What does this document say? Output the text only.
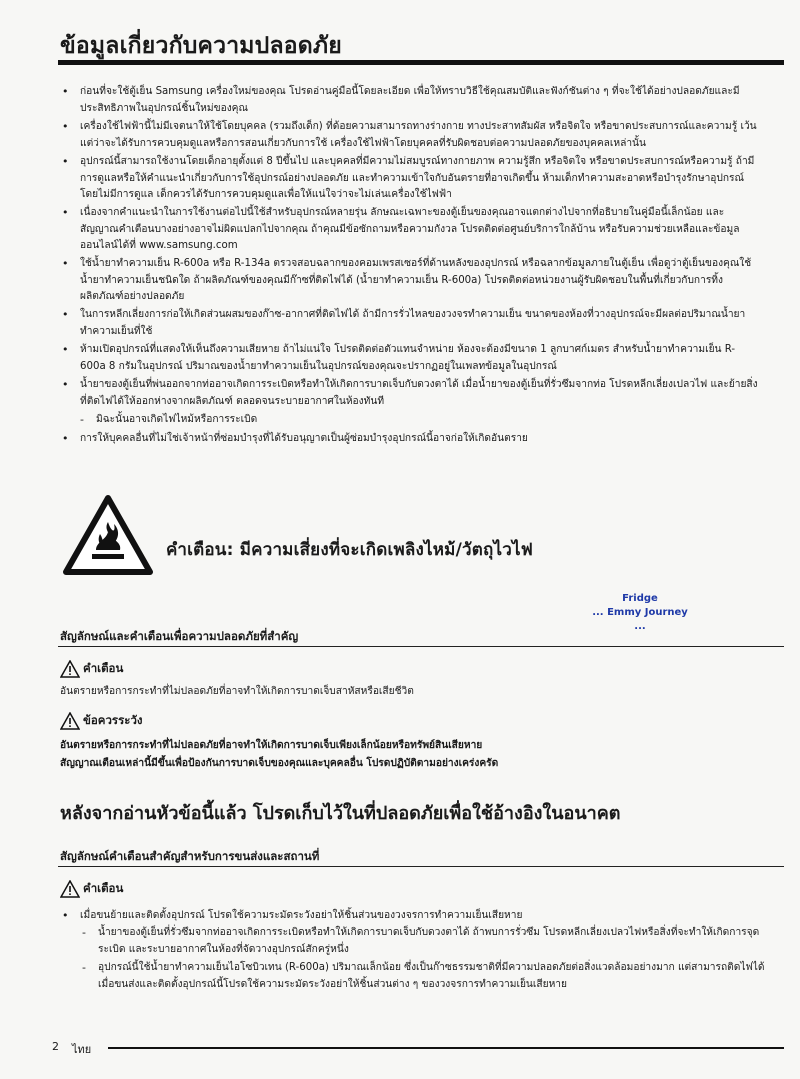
ข้อมูลเกี่ยวกับความปลอดภัย
• ก่อนที่จะใช้ตู้เย็น Samsung เครื่องใหม่ของคุณ โปรดอ่านคู่มือนี้โดยละเอียด เพื่อให้ทราบวิธีใช้คุณสมบัติและฟังก์ชันต่าง ๆ ที่จะใช้ได้อย่างปลอดภัยและมีประสิทธิภาพในอุปกรณ์ชิ้นใหม่ของคุณ
• เครื่องใช้ไฟฟ้านี้ไม่มีเจตนาให้ใช้โดยบุคคล (รวมถึงเด็ก) ที่ด้อยความสามารถทางร่างกาย ทางประสาทสัมผัส หรือจิตใจ หรือขาดประสบการณ์และความรู้ เว้นแต่ว่าจะได้รับการควบคุมดูแลหรือการสอนเกี่ยวกับการใช้ เครื่องใช้ไฟฟ้าโดยบุคคลที่รับผิดชอบต่อความปลอดภัยของบุคคลเหล่านั้น
• อุปกรณ์นี้สามารถใช้งานโดยเด็กอายุตั้งแต่ 8 ปีขึ้นไป และบุคคลที่มีความไม่สมบูรณ์ทางกายภาพ ความรู้สึก หรือจิตใจ หรือขาดประสบการณ์หรือความรู้ ถ้ามีการดูแลหรือให้คำแนะนำเกี่ยวกับการใช้อุปกรณ์อย่างปลอดภัย และทำความเข้าใจกับอันตรายที่อาจเกิดขึ้น ห้ามเด็กทำความสะอาดหรือบำรุงรักษาอุปกรณ์โดยไม่มีการดูแล เด็กควรได้รับการควบคุมดูแลเพื่อให้แน่ใจว่าจะไม่เล่นเครื่องใช้ไฟฟ้า
• เนื่องจากคำแนะนำในการใช้งานต่อไปนี้ใช้สำหรับอุปกรณ์หลายรุ่น ลักษณะเฉพาะของตู้เย็นของคุณอาจแตกต่างไปจากที่อธิบายในคู่มือนี้เล็กน้อย และสัญญาณคำเตือนบางอย่างอาจไม่ผิดแปลกไปจากคุณ ถ้าคุณมีข้อซักถามหรือความกังวล โปรดติดต่อศูนย์บริการใกล้บ้าน หรือรับความช่วยเหลือและข้อมูลออนไลน์ได้ที่ www.samsung.com
• ใช้น้ำยาทำความเย็น R-600a หรือ R-134a ตรวจสอบฉลากของคอมเพรสเซอร์ที่ด้านหลังของอุปกรณ์ หรือฉลากข้อมูลภายในตู้เย็น เพื่อดูว่าตู้เย็นของคุณใช้น้ำยาทำความเย็นชนิดใด ถ้าผลิตภัณฑ์ของคุณมีก๊าซที่ติดไฟได้ (น้ำยาทำความเย็น R-600a) โปรดติดต่อหน่วยงานผู้รับผิดชอบในพื้นที่เกี่ยวกับการทิ้งผลิตภัณฑ์อย่างปลอดภัย
• ในการหลีกเลี่ยงการก่อให้เกิดส่วนผสมของก๊าซ-อากาศที่ติดไฟได้ ถ้ามีการรั่วไหลของวงจรทำความเย็น ขนาดของห้องที่วางอุปกรณ์จะมีผลต่อปริมาณน้ำยาทำความเย็นที่ใช้
• ห้ามเปิดอุปกรณ์ที่แสดงให้เห็นถึงความเสียหาย ถ้าไม่แน่ใจ โปรดติดต่อตัวแทนจำหน่าย ห้องจะต้องมีขนาด 1 ลูกบาศก์เมตร สำหรับน้ำยาทำความเย็น R-600a 8 กรัมในอุปกรณ์ ปริมาณของน้ำยาทำความเย็นในอุปกรณ์ของคุณจะปรากฏอยู่ในเพลทข้อมูลในอุปกรณ์
• น้ำยาของตู้เย็นที่พ่นออกจากท่ออาจเกิดการระเบิดหรือทำให้เกิดการบาดเจ็บกับดวงตาได้ เมื่อน้ำยาของตู้เย็นที่รั่วซึมจากท่อ โปรดหลีกเลี่ยงเปลวไฟ และย้ายสิ่งที่ติดไฟได้ให้ออกห่างจากผลิตภัณฑ์ ตลอดจนระบายอากาศในห้องทันที
- มิฉะนั้นอาจเกิดไฟไหม้หรือการระเบิด
• การให้บุคคลอื่นที่ไม่ใช่เจ้าหน้าที่ซ่อมบำรุงที่ได้รับอนุญาตเป็นผู้ซ่อมบำรุงอุปกรณ์นี้อาจก่อให้เกิดอันตราย
คำเตือน: มีความเสี่ยงที่จะเกิดเพลิงไหม้/วัตถุไวไฟ
Fridge
... Emmy Journey ...
สัญลักษณ์และคำเตือนเพื่อความปลอดภัยที่สำคัญ
คำเตือน
อันตรายหรือการกระทำที่ไม่ปลอดภัยที่อาจทำให้เกิดการบาดเจ็บสาหัสหรือเสียชีวิต
ข้อควรระวัง
อันตรายหรือการกระทำที่ไม่ปลอดภัยที่อาจทำให้เกิดการบาดเจ็บเพียงเล็กน้อยหรือทรัพย์สินเสียหาย
สัญญาณเตือนเหล่านี้มีขึ้นเพื่อป้องกันการบาดเจ็บของคุณและบุคคลอื่น โปรดปฏิบัติตามอย่างเคร่งครัด
หลังจากอ่านหัวข้อนี้แล้ว โปรดเก็บไว้ในที่ปลอดภัยเพื่อใช้อ้างอิงในอนาคต
สัญลักษณ์คำเตือนสำคัญสำหรับการขนส่งและสถานที่
คำเตือน
• เมื่อขนย้ายและติดตั้งอุปกรณ์ โปรดใช้ความระมัดระวังอย่าให้ชิ้นส่วนของวงจรการทำความเย็นเสียหาย
- น้ำยาของตู้เย็นที่รั่วซึมจากท่ออาจเกิดการระเบิดหรือทำให้เกิดการบาดเจ็บกับดวงตาได้ ถ้าพบการรั่วซึม โปรดหลีกเลี่ยงเปลวไฟหรือสิ่งที่จะทำให้เกิดการจุดระเบิด และระบายอากาศในห้องที่จัดวางอุปกรณ์สักครู่หนึ่ง
- อุปกรณ์นี้ใช้น้ำยาทำความเย็นไอโซบิวเทน (R-600a) ปริมาณเล็กน้อย ซึ่งเป็นก๊าซธรรมชาติที่มีความปลอดภัยต่อสิ่งแวดล้อมอย่างมาก แต่สามารถติดไฟได้ เมื่อขนส่งและติดตั้งอุปกรณ์นี้โปรดใช้ความระมัดระวังอย่าให้ชิ้นส่วนต่าง ๆ ของวงจรการทำความเย็นเสียหาย
2 ไทย
